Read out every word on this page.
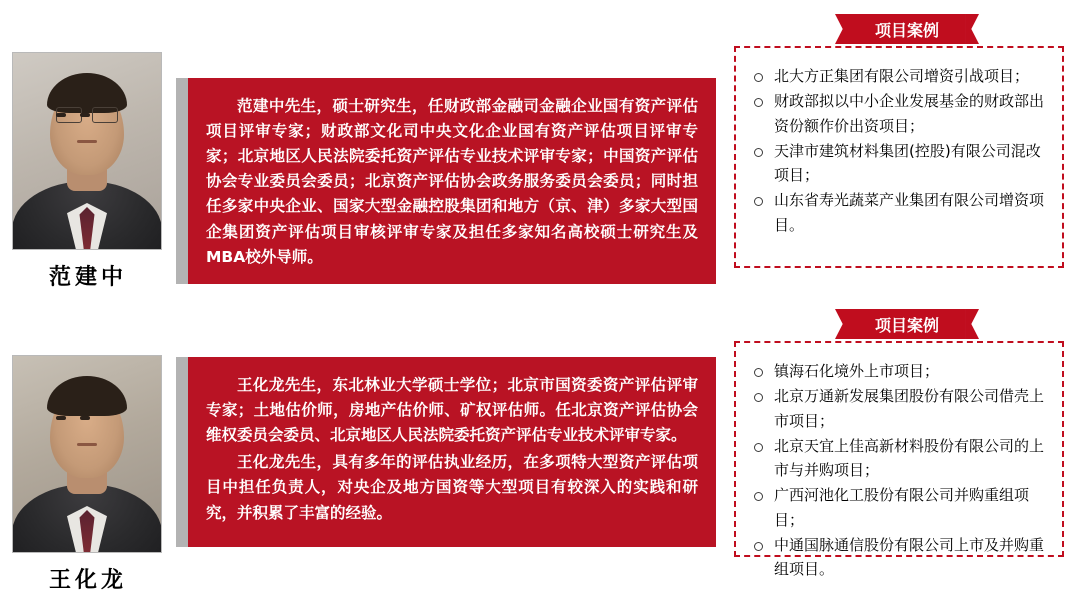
范建中

范建中先生，硕士研究生，任财政部金融司金融企业国有资产评估项目评审专家；财政部文化司中央文化企业国有资产评估项目评审专家；北京地区人民法院委托资产评估专业技术评审专家；中国资产评估协会专业委员会委员；北京资产评估协会政务服务委员会委员；同时担任多家中央企业、国家大型金融控股集团和地方（京、津）多家大型国企集团资产评估项目审核评审专家及担任多家知名高校硕士研究生及MBA校外导师。

项目案例
北大方正集团有限公司增资引战项目；
财政部拟以中小企业发展基金的财政部出资份额作价出资项目；
天津市建筑材料集团(控股)有限公司混改项目；
山东省寿光蔬菜产业集团有限公司增资项目。
王化龙

王化龙先生，东北林业大学硕士学位；北京市国资委资产评估评审专家；土地估价师，房地产估价师、矿权评估师。任北京资产评估协会维权委员会委员、北京地区人民法院委托资产评估专业技术评审专家。

王化龙先生，具有多年的评估执业经历，在多项特大型资产评估项目中担任负责人，对央企及地方国资等大型项目有较深入的实践和研究，并积累了丰富的经验。

项目案例
镇海石化境外上市项目；
北京万通新发展集团股份有限公司借壳上市项目；
北京天宜上佳高新材料股份有限公司的上市与并购项目；
广西河池化工股份有限公司并购重组项目；
中通国脉通信股份有限公司上市及并购重组项目。
